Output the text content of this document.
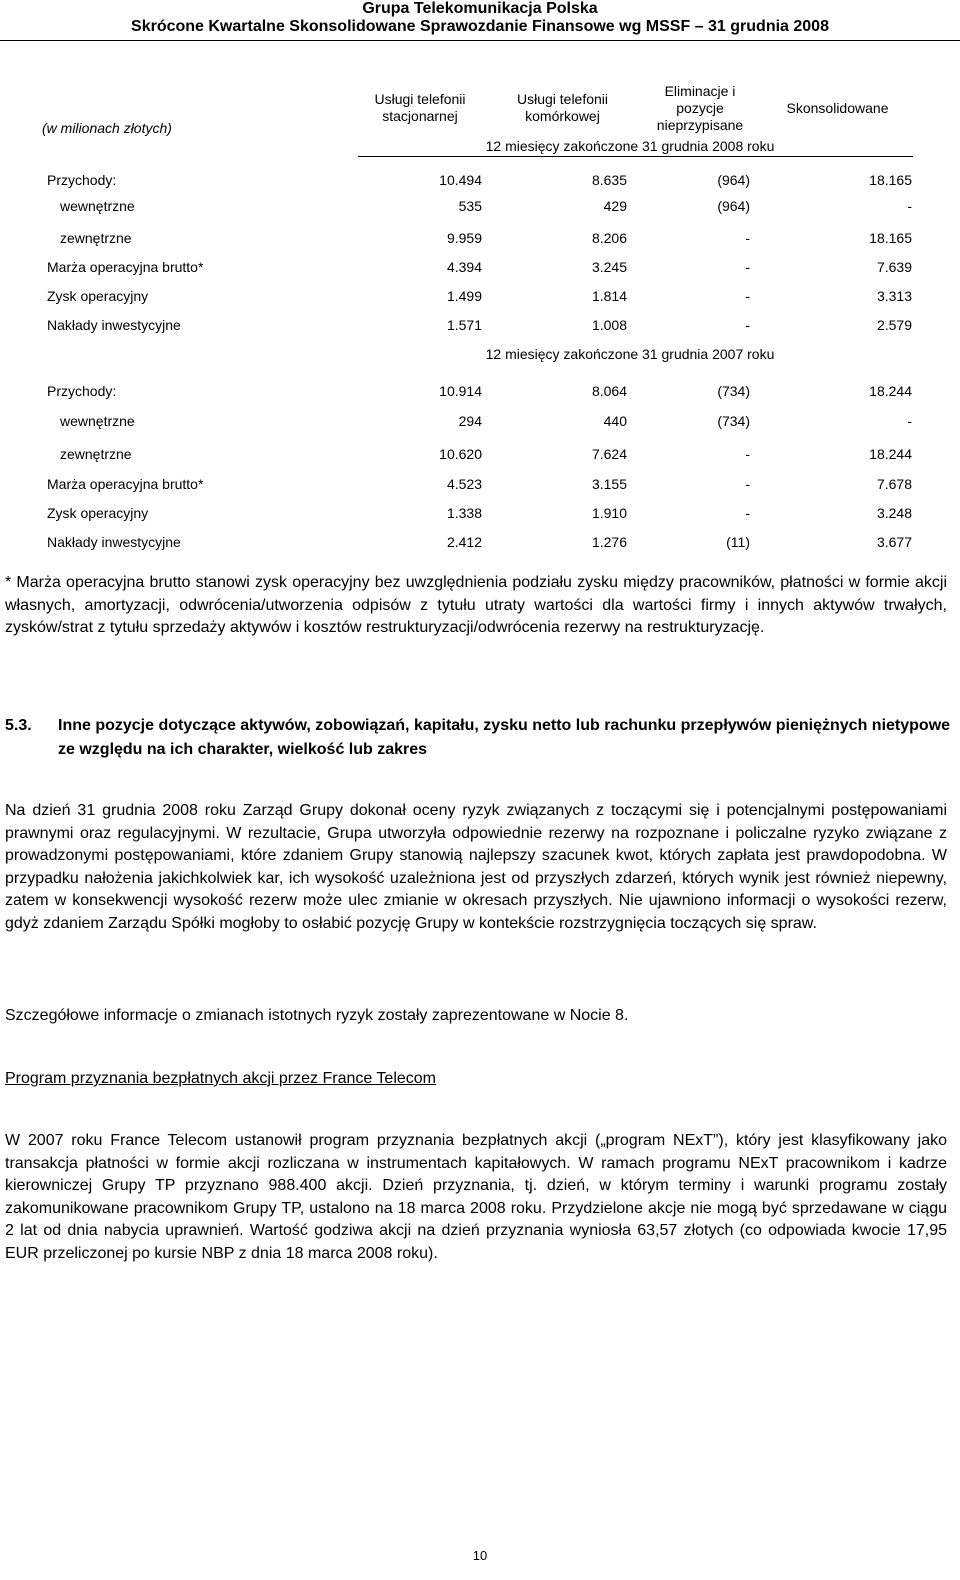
Grupa Telekomunikacja Polska
Skrócone Kwartalne Skonsolidowane Sprawozdanie Finansowe wg MSSF – 31 grudnia 2008
(w milionach złotych)
Usługi telefonii stacjonarnej
Usługi telefonii komórkowej
Eliminacje i pozycje nieprzypisane
Skonsolidowane
12 miesięcy zakończone 31 grudnia 2008 roku
Przychody:	10.494	8.635	(964)	18.165
wewnętrzne	535	429	(964)	-
zewnętrzne	9.959	8.206	-	18.165
Marża operacyjna brutto*	4.394	3.245	-	7.639
Zysk operacyjny	1.499	1.814	-	3.313
Nakłady inwestycyjne	1.571	1.008	-	2.579
12 miesięcy zakończone 31 grudnia 2007 roku
Przychody:	10.914	8.064	(734)	18.244
wewnętrzne	294	440	(734)	-
zewnętrzne	10.620	7.624	-	18.244
Marża operacyjna brutto*	4.523	3.155	-	7.678
Zysk operacyjny	1.338	1.910	-	3.248
Nakłady inwestycyjne	2.412	1.276	(11)	3.677

* Marża operacyjna brutto stanowi zysk operacyjny bez uwzględnienia podziału zysku między pracowników, płatności w formie akcji własnych, amortyzacji, odwrócenia/utworzenia odpisów z tytułu utraty wartości dla wartości firmy i innych aktywów trwałych, zysków/strat z tytułu sprzedaży aktywów i kosztów restrukturyzacji/odwrócenia rezerwy na restrukturyzację.

5.3. Inne pozycje dotyczące aktywów, zobowiązań, kapitału, zysku netto lub rachunku przepływów pieniężnych nietypowe ze względu na ich charakter, wielkość lub zakres

Na dzień 31 grudnia 2008 roku Zarząd Grupy dokonał oceny ryzyk związanych z toczącymi się i potencjalnymi postępowaniami prawnymi oraz regulacyjnymi. W rezultacie, Grupa utworzyła odpowiednie rezerwy na rozpoznane i policzalne ryzyko związane z prowadzonymi postępowaniami, które zdaniem Grupy stanowią najlepszy szacunek kwot, których zapłata jest prawdopodobna. W przypadku nałożenia jakichkolwiek kar, ich wysokość uzależniona jest od przyszłych zdarzeń, których wynik jest również niepewny, zatem w konsekwencji wysokość rezerw może ulec zmianie w okresach przyszłych. Nie ujawniono informacji o wysokości rezerw, gdyż zdaniem Zarządu Spółki mogłoby to osłabić pozycję Grupy w kontekście rozstrzygnięcia toczących się spraw.

Szczegółowe informacje o zmianach istotnych ryzyk zostały zaprezentowane w Nocie 8.

Program przyznania bezpłatnych akcji przez France Telecom

W 2007 roku France Telecom ustanowił program przyznania bezpłatnych akcji („program NExT”), który jest klasyfikowany jako transakcja płatności w formie akcji rozliczana w instrumentach kapitałowych. W ramach programu NExT pracownikom i kadrze kierowniczej Grupy TP przyznano 988.400 akcji. Dzień przyznania, tj. dzień, w którym terminy i warunki programu zostały zakomunikowane pracownikom Grupy TP, ustalono na 18 marca 2008 roku. Przydzielone akcje nie mogą być sprzedawane w ciągu 2 lat od dnia nabycia uprawnień. Wartość godziwa akcji na dzień przyznania wyniosła 63,57 złotych (co odpowiada kwocie 17,95 EUR przeliczonej po kursie NBP z dnia 18 marca 2008 roku).

10
